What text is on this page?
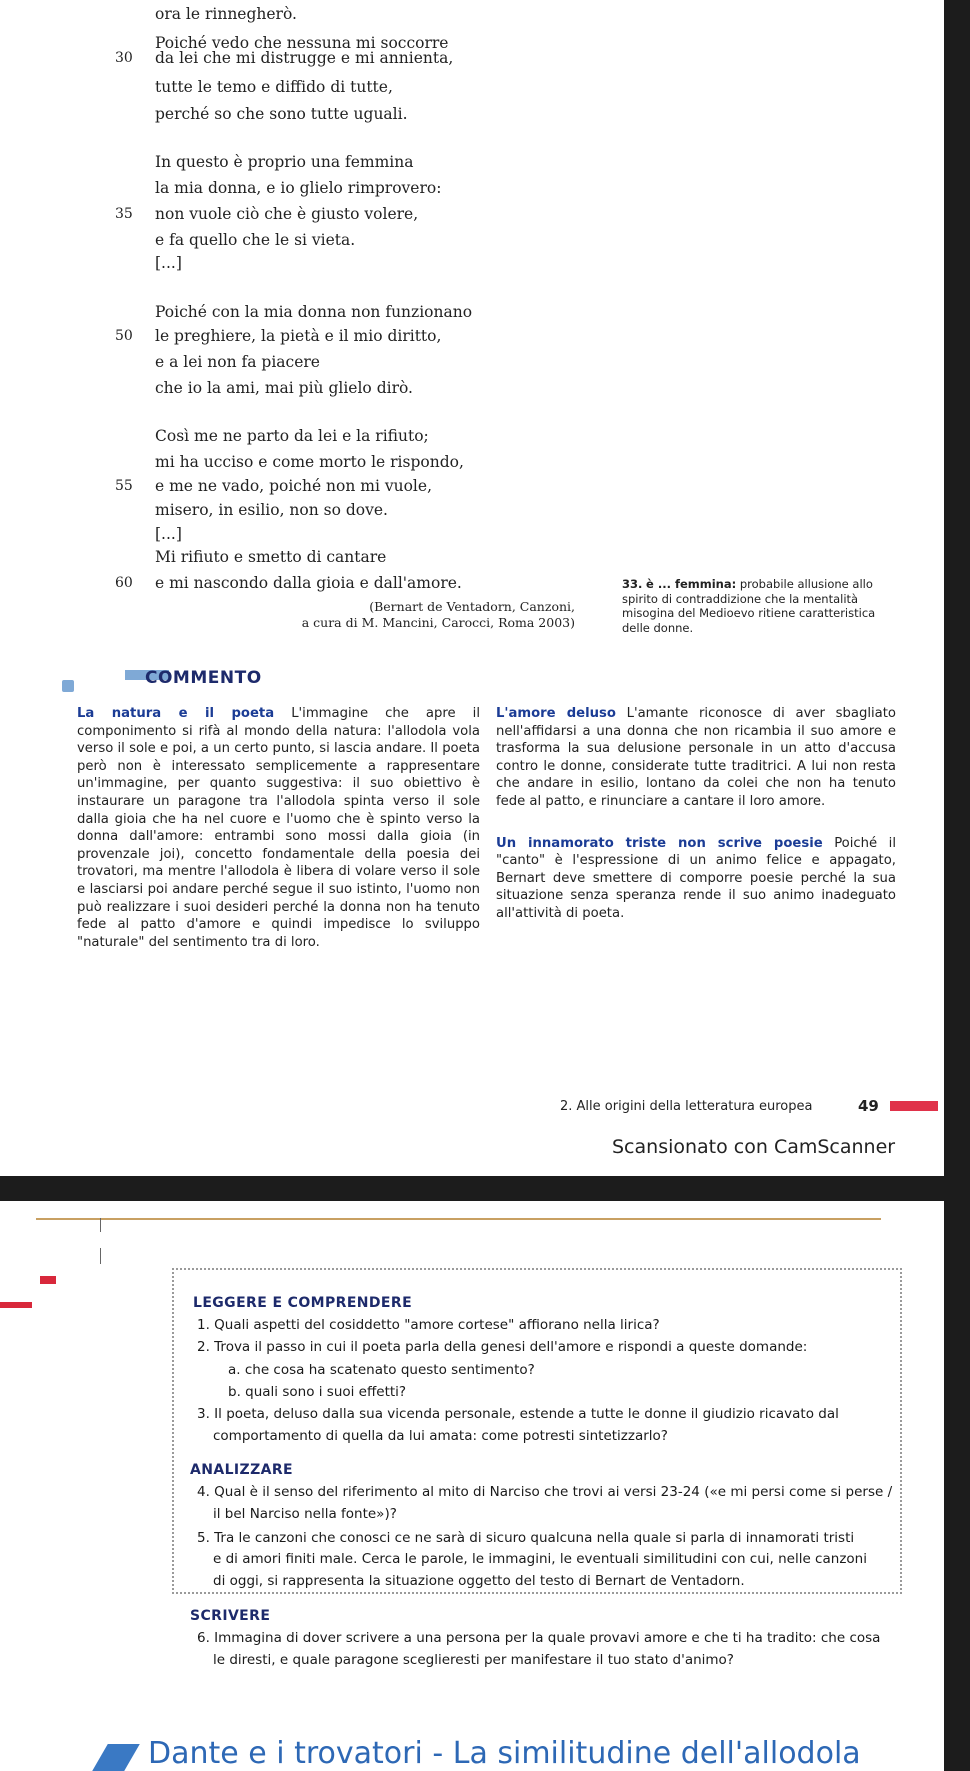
ora le rinnegherò.
Poiché vedo che nessuna mi soccorre
30 da lei che mi distrugge e mi annienta,
tutte le temo e diffido di tutte,
perché so che sono tutte uguali.
In questo è proprio una femmina
la mia donna, e io glielo rimprovero:
35 non vuole ciò che è giusto volere,
e fa quello che le si vieta.
[...]
Poiché con la mia donna non funzionano
50 le preghiere, la pietà e il mio diritto,
e a lei non fa piacere
che io la ami, mai più glielo dirò.
Così me ne parto da lei e la rifiuto;
mi ha ucciso e come morto le rispondo,
55 e me ne vado, poiché non mi vuole,
misero, in esilio, non so dove.
[...]
Mi rifiuto e smetto di cantare
60 e mi nascondo dalla gioia e dall'amore.
(Bernart de Ventadorn, Canzoni,
a cura di M. Mancini, Carocci, Roma 2003)
33. è ... femmina: probabile allusione allo spirito di contraddizione che la mentalità misogina del Medioevo ritiene caratteristica delle donne.
COMMENTO

La natura e il poeta L'immagine che apre il componimento si rifà al mondo della natura: l'allodola vola verso il sole e poi, a un certo punto, si lascia andare. Il poeta però non è interessato semplicemente a rappresentare un'immagine, per quanto suggestiva: il suo obiettivo è instaurare un paragone tra l'allodola spinta verso il sole dalla gioia che ha nel cuore e l'uomo che è spinto verso la donna dall'amore: entrambi sono mossi dalla gioia (in provenzale joi), concetto fondamentale della poesia dei trovatori, ma mentre l'allodola è libera di volare verso il sole e lasciarsi poi andare perché segue il suo istinto, l'uomo non può realizzare i suoi desideri perché la donna non ha tenuto fede al patto d'amore e quindi impedisce lo sviluppo "naturale" del sentimento tra di loro.

L'amore deluso L'amante riconosce di aver sbagliato nell'affidarsi a una donna che non ricambia il suo amore e trasforma la sua delusione personale in un atto d'accusa contro le donne, considerate tutte traditrici. A lui non resta che andare in esilio, lontano da colei che non ha tenuto fede al patto, e rinunciare a cantare il loro amore.

Un innamorato triste non scrive poesie Poiché il "canto" è l'espressione di un animo felice e appagato, Bernart deve smettere di comporre poesie perché la sua situazione senza speranza rende il suo animo inadeguato all'attività di poeta.

2. Alle origini della letteratura europea	49
Scansionato con CamScanner
LEGGERE E COMPRENDERE
1. Quali aspetti del cosiddetto "amore cortese" affiorano nella lirica?
2. Trova il passo in cui il poeta parla della genesi dell'amore e rispondi a queste domande:
a. che cosa ha scatenato questo sentimento?
b. quali sono i suoi effetti?
3. Il poeta, deluso dalla sua vicenda personale, estende a tutte le donne il giudizio ricavato dal
comportamento di quella da lui amata: come potresti sintetizzarlo?
ANALIZZARE
4. Qual è il senso del riferimento al mito di Narciso che trovi ai versi 23-24 («e mi persi come si perse /
il bel Narciso nella fonte»)?
5. Tra le canzoni che conosci ce ne sarà di sicuro qualcuna nella quale si parla di innamorati tristi
e di amori finiti male. Cerca le parole, le immagini, le eventuali similitudini con cui, nelle canzoni
di oggi, si rappresenta la situazione oggetto del testo di Bernart de Ventadorn.
SCRIVERE
6. Immagina di dover scrivere a una persona per la quale provavi amore e che ti ha tradito: che cosa
le diresti, e quale paragone sceglieresti per manifestare il tuo stato d'animo?
Dante e i trovatori - La similitudine dell'allodola
